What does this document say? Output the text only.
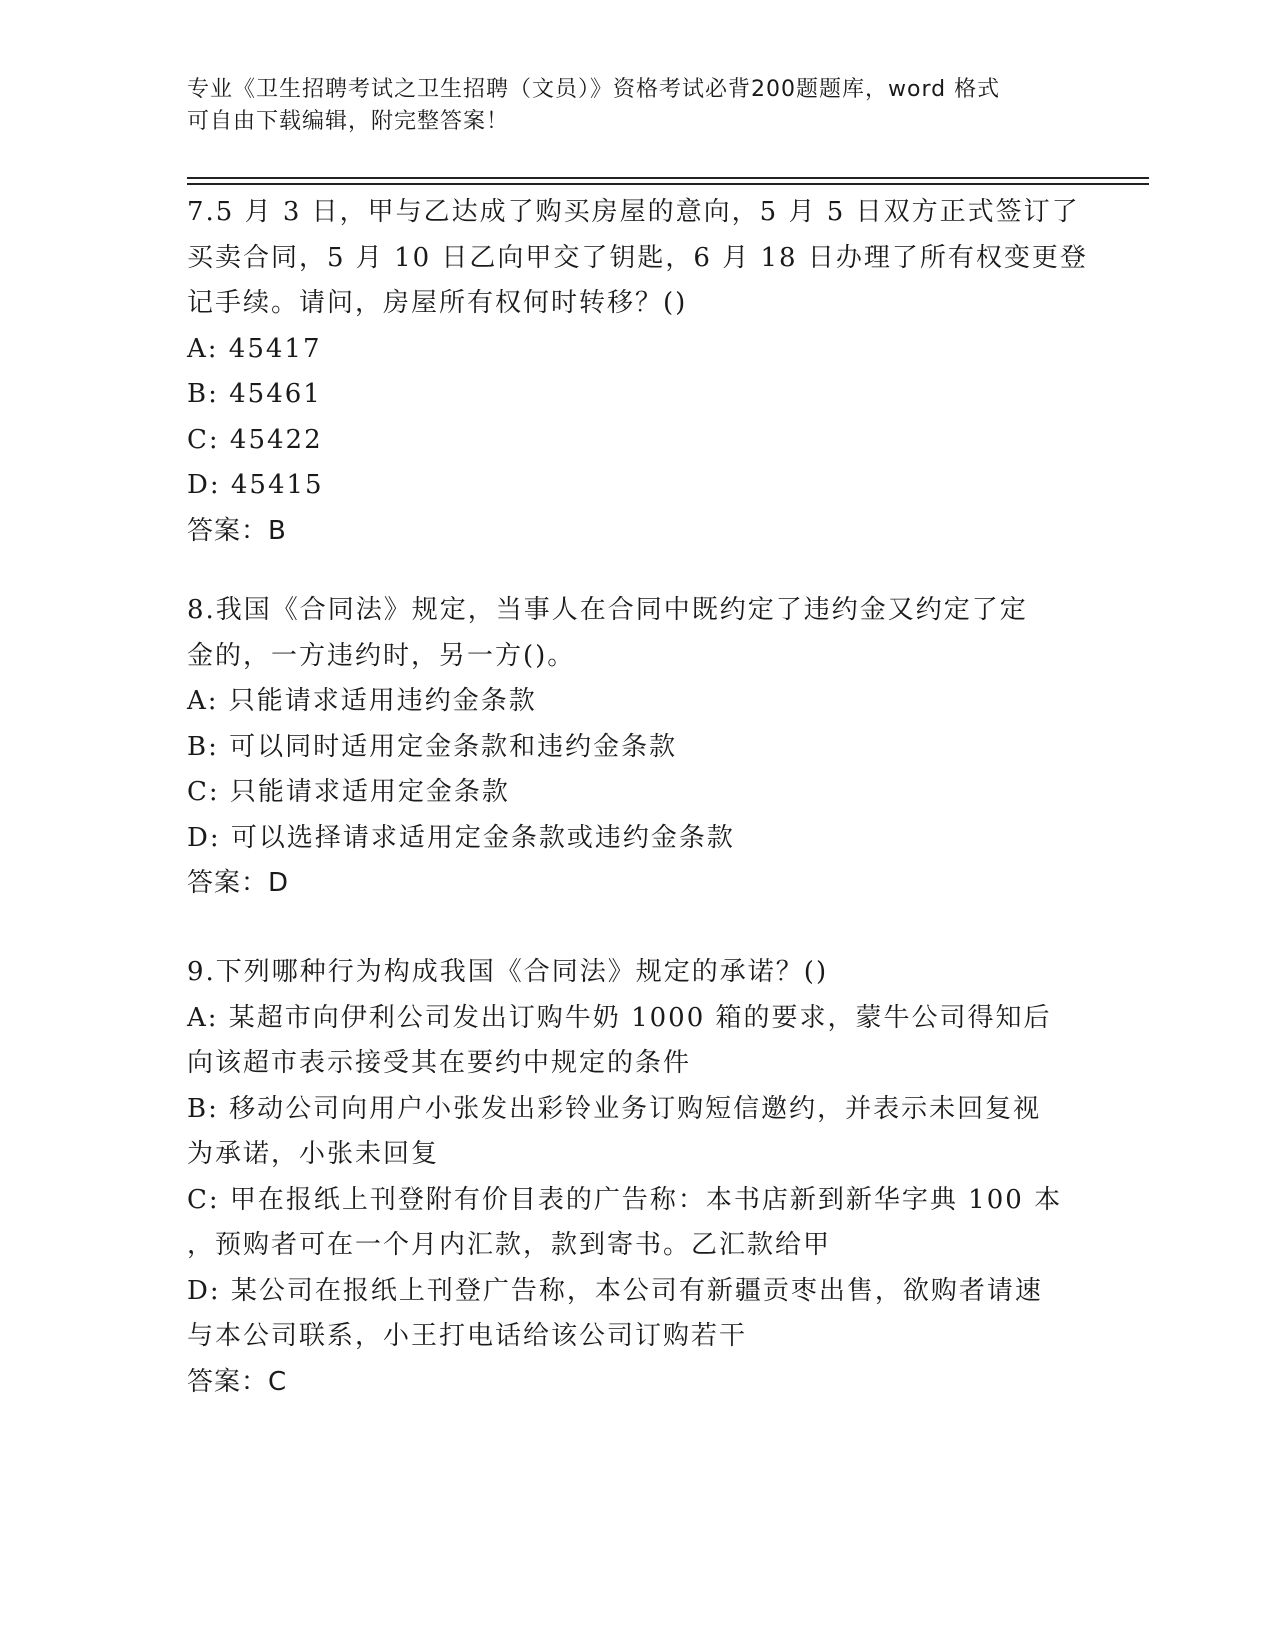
专业《卫生招聘考试之卫生招聘（文员）》资格考试必背200题题库，word 格式

可自由下载编辑，附完整答案！

7.5 月 3 日，甲与乙达成了购买房屋的意向，5 月 5 日双方正式签订了

买卖合同，5 月 10 日乙向甲交了钥匙，6 月 18 日办理了所有权变更登

记手续。请问，房屋所有权何时转移？()

A: 45417

B: 45461

C: 45422

D: 45415

答案：B

8.我国《合同法》规定，当事人在合同中既约定了违约金又约定了定

金的，一方违约时，另一方()。

A: 只能请求适用违约金条款

B: 可以同时适用定金条款和违约金条款

C: 只能请求适用定金条款

D: 可以选择请求适用定金条款或违约金条款

答案：D

9.下列哪种行为构成我国《合同法》规定的承诺？()

A: 某超市向伊利公司发出订购牛奶 1000 箱的要求，蒙牛公司得知后

向该超市表示接受其在要约中规定的条件

B: 移动公司向用户小张发出彩铃业务订购短信邀约，并表示未回复视

为承诺，小张未回复

C: 甲在报纸上刊登附有价目表的广告称：本书店新到新华字典 100 本

，预购者可在一个月内汇款，款到寄书。乙汇款给甲

D: 某公司在报纸上刊登广告称，本公司有新疆贡枣出售，欲购者请速

与本公司联系，小王打电话给该公司订购若干

答案：C
